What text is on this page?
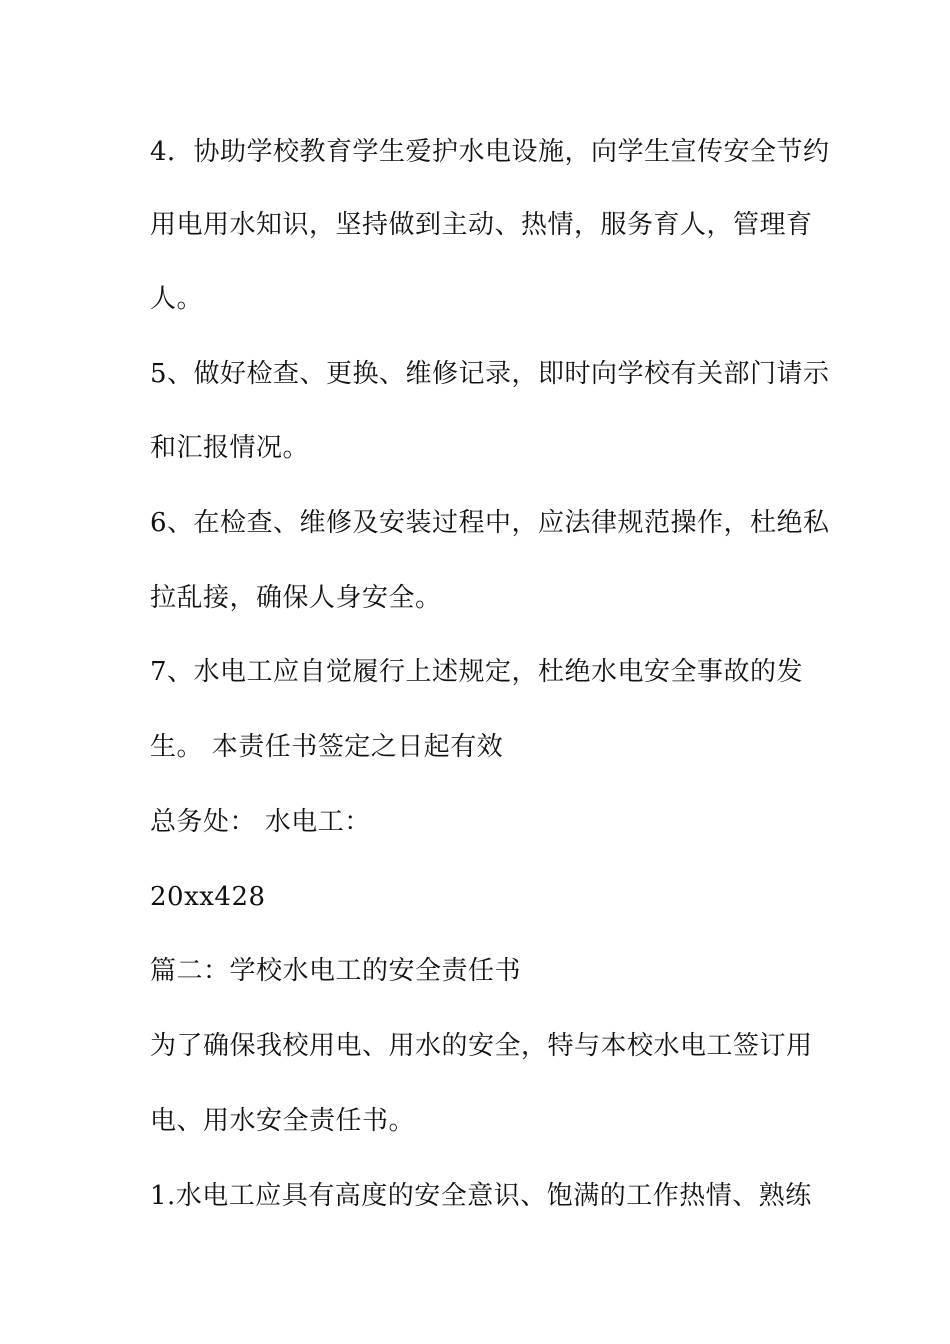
4．协助学校教育学生爱护水电设施，向学生宣传安全节约
用电用水知识，坚持做到主动、热情，服务育人，管理育
人。
5、做好检查、更换、维修记录，即时向学校有关部门请示
和汇报情况。
6、在检查、维修及安装过程中，应法律规范操作，杜绝私
拉乱接，确保人身安全。
7、水电工应自觉履行上述规定，杜绝水电安全事故的发
生。 本责任书签定之日起有效
总务处： 水电工：
20xx428
篇二：学校水电工的安全责任书
为了确保我校用电、用水的安全，特与本校水电工签订用
电、用水安全责任书。
1.水电工应具有高度的安全意识、饱满的工作热情、熟练
